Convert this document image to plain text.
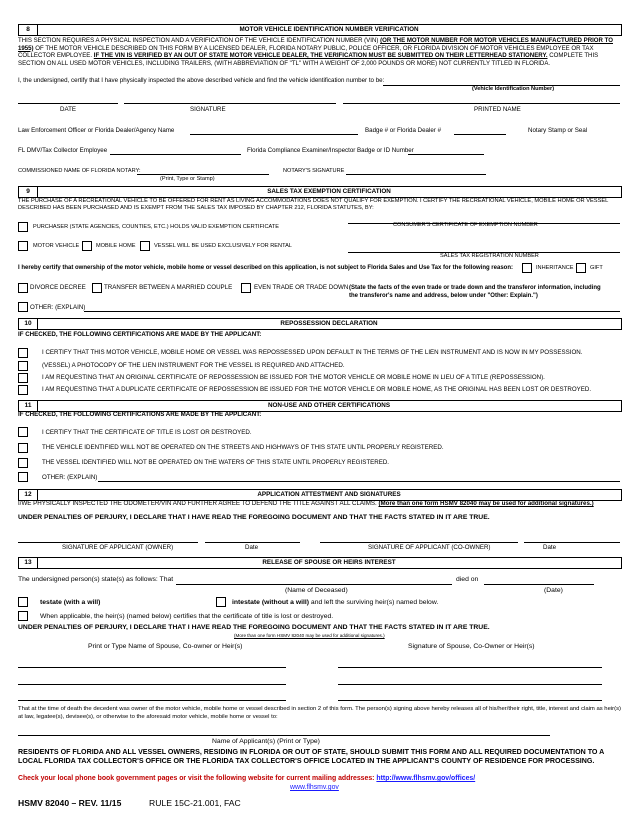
8	MOTOR VEHICLE IDENTIFICATION NUMBER VERIFICATION
THIS SECTION REQUIRES A PHYSICAL INSPECTION AND A VERIFICATION OF THE VEHICLE IDENTIFICATION NUMBER (VIN) (OR THE MOTOR NUMBER FOR MOTOR VEHICLES MANUFACTURED PRIOR TO 1955) OF THE MOTOR VEHICLE DESCRIBED ON THIS FORM BY A LICENSED DEALER, FLORIDA NOTARY PUBLIC, POLICE OFFICER, OR FLORIDA DIVISION OF MOTOR VEHICLES EMPLOYEE OR TAX COLLECTOR EMPLOYEE. IF THE VIN IS VERIFIED BY AN OUT OF STATE MOTOR VEHICLE DEALER, THE VERIFICATION MUST BE SUBMITTED ON THEIR LETTERHEAD STATIONERY. COMPLETE THIS SECTION ON ALL USED MOTOR VEHICLES, INCLUDING TRAILERS, (WITH ABBREVIATION OF "TL" WITH A WEIGHT OF 2,000 POUNDS OR MORE) NOT CURRENTLY TITLED IN FLORIDA.
I, the undersigned, certify that I have physically inspected the above described vehicle and find the vehicle identification number to be:
(Vehicle Identification Number)
DATE	SIGNATURE	PRINTED NAME
Law Enforcement Officer or Florida Dealer/Agency Name	Badge # or Florida Dealer #	Notary Stamp or Seal
FL DMV/Tax Collector Employee	Florida Compliance Examiner/Inspector Badge or ID Number
COMMISSIONED NAME OF FLORIDA NOTARY:
(Print, Type or Stamp)
NOTARY'S SIGNATURE
9	SALES TAX EXEMPTION CERTIFICATION
THE PURCHASE OF A RECREATIONAL VEHICLE TO BE OFFERED FOR RENT AS LIVING ACCOMMODATIONS DOES NOT QUALIFY FOR EXEMPTION. I CERTIFY THE RECREATIONAL VEHICLE, MOBILE HOME OR VESSEL DESCRIBED HAS BEEN PURCHASED AND IS EXEMPT FROM THE SALES TAX IMPOSED BY CHAPTER 212, FLORIDA STATUTES, BY:
PURCHASER (STATE AGENCIES, COUNTIES, ETC.) HOLDS VALID EXEMPTION CERTIFICATE	CONSUMER'S CERTIFICATE OF EXEMPTION NUMBER
MOTOR VEHICLE	MOBILE HOME	VESSEL WILL BE USED EXCLUSIVELY FOR RENTAL
SALES TAX REGISTRATION NUMBER
I hereby certify that ownership of the motor vehicle, mobile home or vessel described on this application, is not subject to Florida Sales and Use Tax for the following reason:	INHERITANCE	GIFT
DIVORCE DECREE	TRANSFER BETWEEN A MARRIED COUPLE	EVEN TRADE OR TRADE DOWN (State the facts of the even trade or trade down and the transferor information, including
the transferor's name and address, below under "Other: Explain.")
OTHER: (EXPLAIN)
10	REPOSSESSION DECLARATION
IF CHECKED, THE FOLLOWING CERTIFICATIONS ARE MADE BY THE APPLICANT:
I CERTIFY THAT THIS MOTOR VEHICLE, MOBILE HOME OR VESSEL WAS REPOSSESSED UPON DEFAULT IN THE TERMS OF THE LIEN INSTRUMENT AND IS NOW IN MY POSSESSION.
(VESSEL) A PHOTOCOPY OF THE LIEN INSTRUMENT FOR THE VESSEL IS REQUIRED AND ATTACHED.
I AM REQUESTING THAT AN ORIGINAL CERTIFICATE OF REPOSSESSION BE ISSUED FOR THE MOTOR VEHICLE OR MOBILE HOME IN LIEU OF A TITLE (REPOSSESSION).
I AM REQUESTING THAT A DUPLICATE CERTIFICATE OF REPOSSESSION BE ISSUED FOR THE MOTOR VEHICLE OR MOBILE HOME, AS THE ORIGINAL HAS BEEN LOST OR DESTROYED.
11	NON-USE AND OTHER CERTIFICATIONS
IF CHECKED, THE FOLLOWING CERTIFICATIONS ARE MADE BY THE APPLICANT:
I CERTIFY THAT THE CERTIFICATE OF TITLE IS LOST OR DESTROYED.
THE VEHICLE IDENTIFIED WILL NOT BE OPERATED ON THE STREETS AND HIGHWAYS OF THIS STATE UNTIL PROPERLY REGISTERED.
THE VESSEL IDENTIFIED WILL NOT BE OPERATED ON THE WATERS OF THIS STATE UNTIL PROPERLY REGISTERED.
OTHER: (EXPLAIN)
12	APPLICATION ATTESTMENT AND SIGNATURES
I/WE PHYSICALLY INSPECTED THE ODOMETER/VIN AND FURTHER AGREE TO DEFEND THE TITLE AGAINST ALL CLAIMS. (More than one form HSMV 82040 may be used for additional signatures.)
UNDER PENALTIES OF PERJURY, I DECLARE THAT I HAVE READ THE FOREGOING DOCUMENT AND THAT THE FACTS STATED IN IT ARE TRUE.
SIGNATURE OF APPLICANT (OWNER)	Date	SIGNATURE OF APPLICANT (CO-OWNER)	Date
13	RELEASE OF SPOUSE OR HEIRS INTEREST
The undersigned person(s) state(s) as follows: That	died on
(Name of Deceased)	(Date)
testate (with a will)	intestate (without a will) and left the surviving heir(s) named below.
When applicable, the heir(s) (named below) certifies that the certificate of title is lost or destroyed.
UNDER PENALTIES OF PERJURY, I DECLARE THAT I HAVE READ THE FOREGOING DOCUMENT AND THAT THE FACTS STATED IN IT ARE TRUE.
(More than one form HSMV 82040 may be used for additional signatures.)
Print or Type Name of Spouse, Co-owner or Heir(s)	Signature of Spouse, Co-Owner or Heir(s)
That at the time of death the decedent was owner of the motor vehicle, mobile home or vessel described in section 2 of this form. The person(s) signing above hereby releases all of his/her/their right, title, interest and claim as heir(s) at law, legatee(s), devisee(s), or otherwise to the aforesaid motor vehicle, mobile home or vessel to:
Name of Applicant(s) (Print or Type)
RESIDENTS OF FLORIDA AND ALL VESSEL OWNERS, RESIDING IN FLORIDA OR OUT OF STATE, SHOULD SUBMIT THIS FORM AND ALL REQUIRED DOCUMENTATION TO A LOCAL FLORIDA TAX COLLECTOR'S OFFICE OR THE FLORIDA TAX COLLECTOR'S OFFICE LOCATED IN THE APPLICANT'S COUNTY OF RESIDENCE FOR PROCESSING.
Check your local phone book government pages or visit the following website for current mailing addresses: http://www.flhsmv.gov/offices/
www.flhsmv.gov
HSMV 82040 – REV. 11/15	RULE 15C-21.001, FAC
